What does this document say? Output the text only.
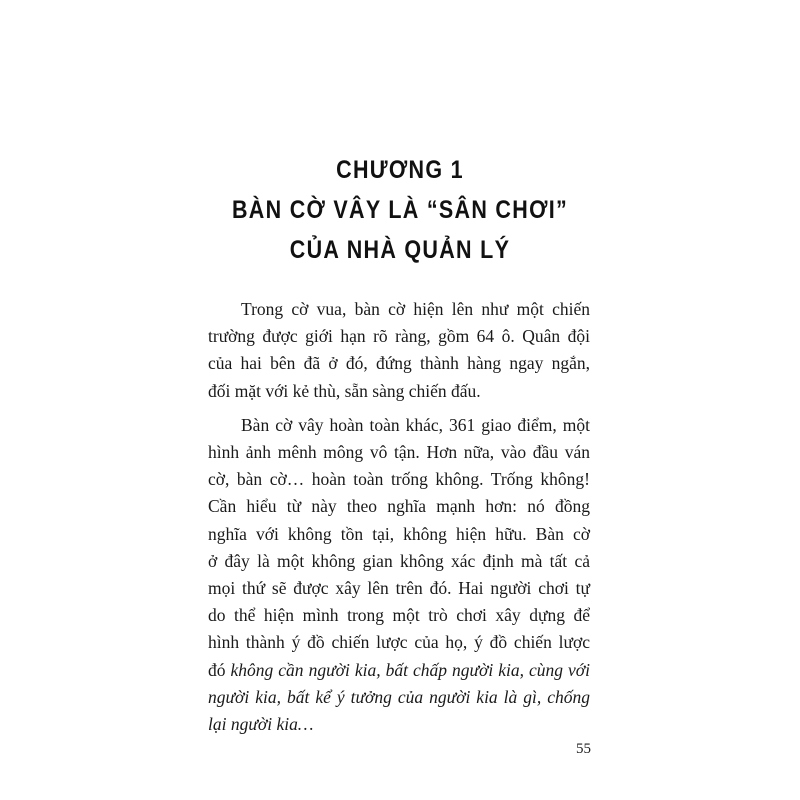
CHƯƠNG 1
BÀN CỜ VÂY LÀ “SÂN CHƠI”
CỦA NHÀ QUẢN LÝ

Trong cờ vua, bàn cờ hiện lên như một chiến
trường được giới hạn rõ ràng, gồm 64 ô. Quân đội
của hai bên đã ở đó, đứng thành hàng ngay ngắn,
đối mặt với kẻ thù, sẵn sàng chiến đấu.

Bàn cờ vây hoàn toàn khác, 361 giao điểm, một
hình ảnh mênh mông vô tận. Hơn nữa, vào đầu ván
cờ, bàn cờ… hoàn toàn trống không. Trống không!
Cần hiểu từ này theo nghĩa mạnh hơn: nó đồng
nghĩa với không tồn tại, không hiện hữu. Bàn cờ
ở đây là một không gian không xác định mà tất cả
mọi thứ sẽ được xây lên trên đó. Hai người chơi tự
do thể hiện mình trong một trò chơi xây dựng để
hình thành ý đồ chiến lược của họ, ý đồ chiến lược
đó không cần người kia, bất chấp người kia, cùng với
người kia, bất kể ý tưởng của người kia là gì, chống
lại người kia…

55
